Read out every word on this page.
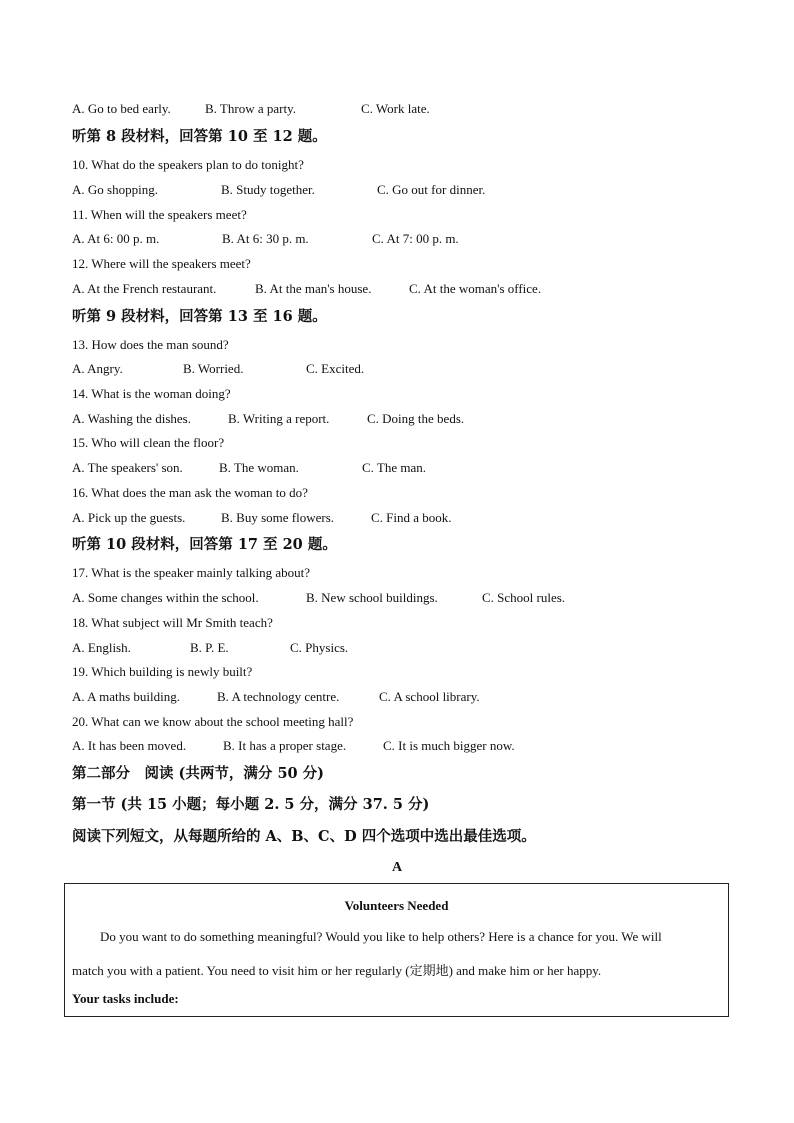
A
Volunteers Needed
Do you want to do something meaningful? Would you like to help others? Here is a chance for you. We will
match you with a patient. You need to visit him or her regularly (定期地) and make him or her happy.
Your tasks include:
A. Go to bed early.	B. Throw a party.	C. Work late.
听第 8 段材料，回答第 10 至 12 题。
10. What do the speakers plan to do tonight?
A. Go shopping.	B. Study together.	C. Go out for dinner.
11. When will the speakers meet?
A. At 6: 00 p. m.	B. At 6: 30 p. m.	C. At 7: 00 p. m.
12. Where will the speakers meet?
A. At the French restaurant.	B. At the man's house.	C. At the woman's office.
听第 9 段材料，回答第 13 至 16 题。
13. How does the man sound?
A. Angry.	B. Worried.	C. Excited.
14. What is the woman doing?
A. Washing the dishes.	B. Writing a report.	C. Doing the beds.
15. Who will clean the floor?
A. The speakers' son.	B. The woman.	C. The man.
16. What does the man ask the woman to do?
A. Pick up the guests.	B. Buy some flowers.	C. Find a book.
听第 10 段材料，回答第 17 至 20 题。
17. What is the speaker mainly talking about?
A. Some changes within the school.	B. New school buildings.	C. School rules.
18. What subject will Mr Smith teach?
A. English.	B. P. E.	C. Physics.
19. Which building is newly built?
A. A maths building.	B. A technology centre.	C. A school library.
20. What can we know about the school meeting hall?
A. It has been moved.	B. It has a proper stage.	C. It is much bigger now.
第二部分　阅读 (共两节，满分 50 分)
第一节 (共 15 小题；每小题 2. 5 分，满分 37. 5 分)
阅读下列短文，从每题所给的 A、B、C、D 四个选项中选出最佳选项。
